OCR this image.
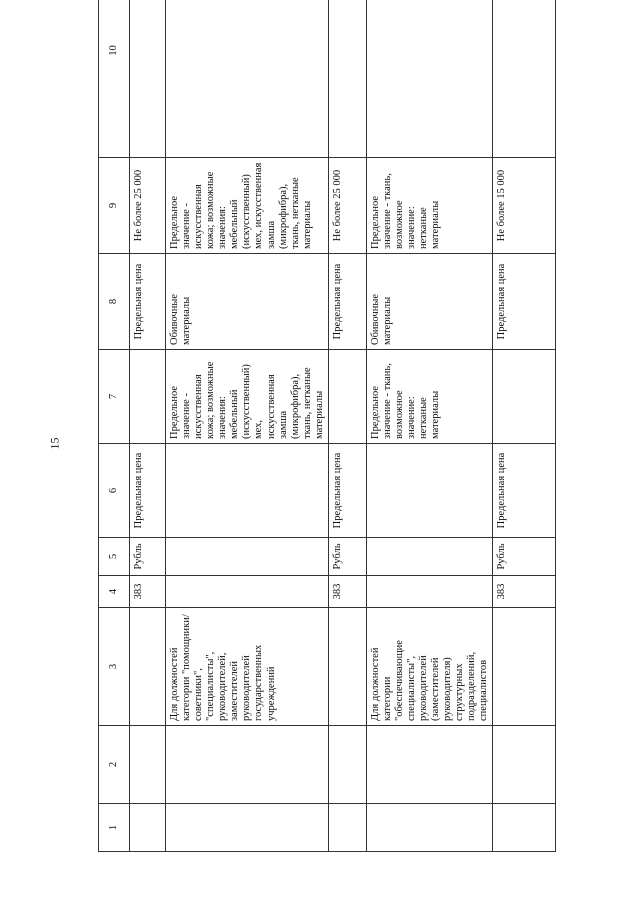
15
1	2	3	4	5	6	7	8	9	10
			383	Рубль	Предельная цена		Предельная цена	Не более 25 000	
		Для должностей категории "помощники/советники", "специалисты", руководителей, заместителей руководителей государственных учреждений				Предельное значение - искусственная кожа; возможные значения: мебельный (искусственный) мех, искусственная замша (микрофибра), ткань, нетканые материалы	Обивочные материалы	Предельное значение - искусственная кожа; возможные значения: мебельный (искусственный) мех, искусственная замша (микрофибра), ткань, нетканые материалы	
			383	Рубль	Предельная цена		Предельная цена	Не более 25 000	
		Для должностей категории "обеспечивающие специалисты", руководителей (заместителей руководителя) структурных подразделений, специалистов				Предельное значение - ткань, возможное значение: нетканые материалы	Обивочные материалы	Предельное значение - ткань, возможное значение: нетканые материалы	
			383	Рубль	Предельная цена		Предельная цена	Не более 15 000	
